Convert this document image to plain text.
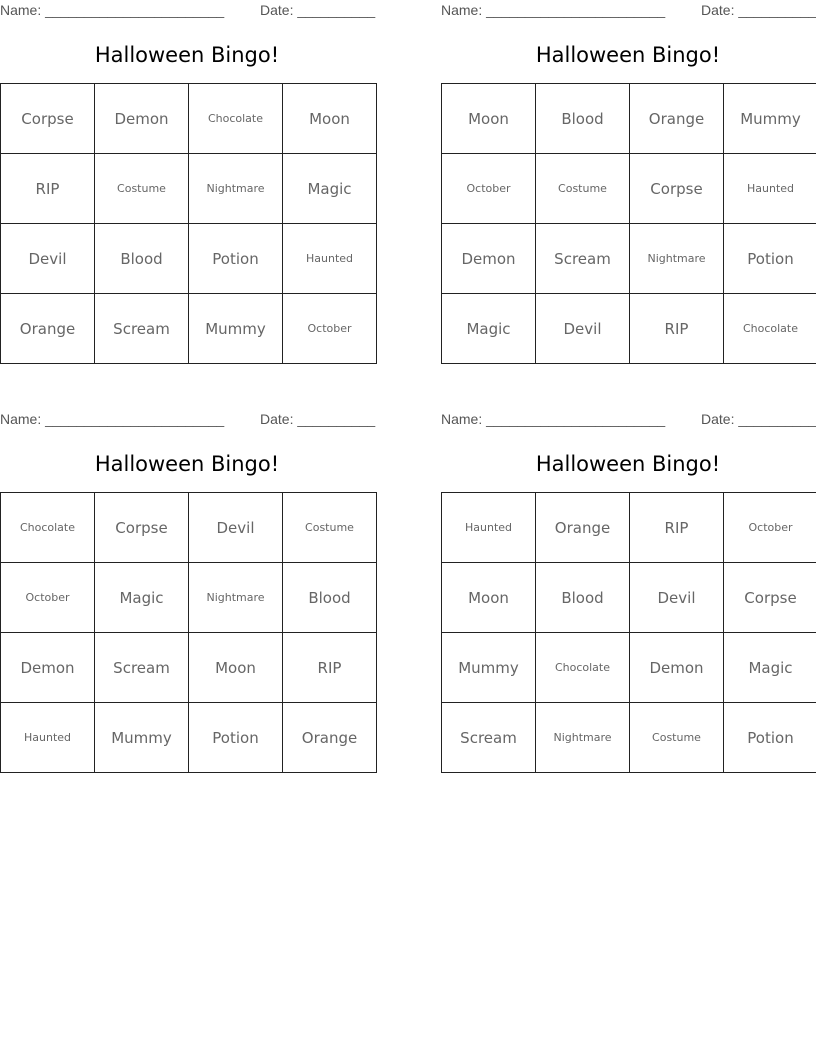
Name: _______________________	Date: __________
Halloween Bingo!
Corpse	Demon	Chocolate	Moon
RIP	Costume	Nightmare	Magic
Devil	Blood	Potion	Haunted
Orange	Scream	Mummy	October
Name: _______________________	Date: __________
Halloween Bingo!
Moon	Blood	Orange	Mummy
October	Costume	Corpse	Haunted
Demon	Scream	Nightmare	Potion
Magic	Devil	RIP	Chocolate
Name: _______________________	Date: __________
Halloween Bingo!
Chocolate	Corpse	Devil	Costume
October	Magic	Nightmare	Blood
Demon	Scream	Moon	RIP
Haunted	Mummy	Potion	Orange
Name: _______________________	Date: __________
Halloween Bingo!
Haunted	Orange	RIP	October
Moon	Blood	Devil	Corpse
Mummy	Chocolate	Demon	Magic
Scream	Nightmare	Costume	Potion
